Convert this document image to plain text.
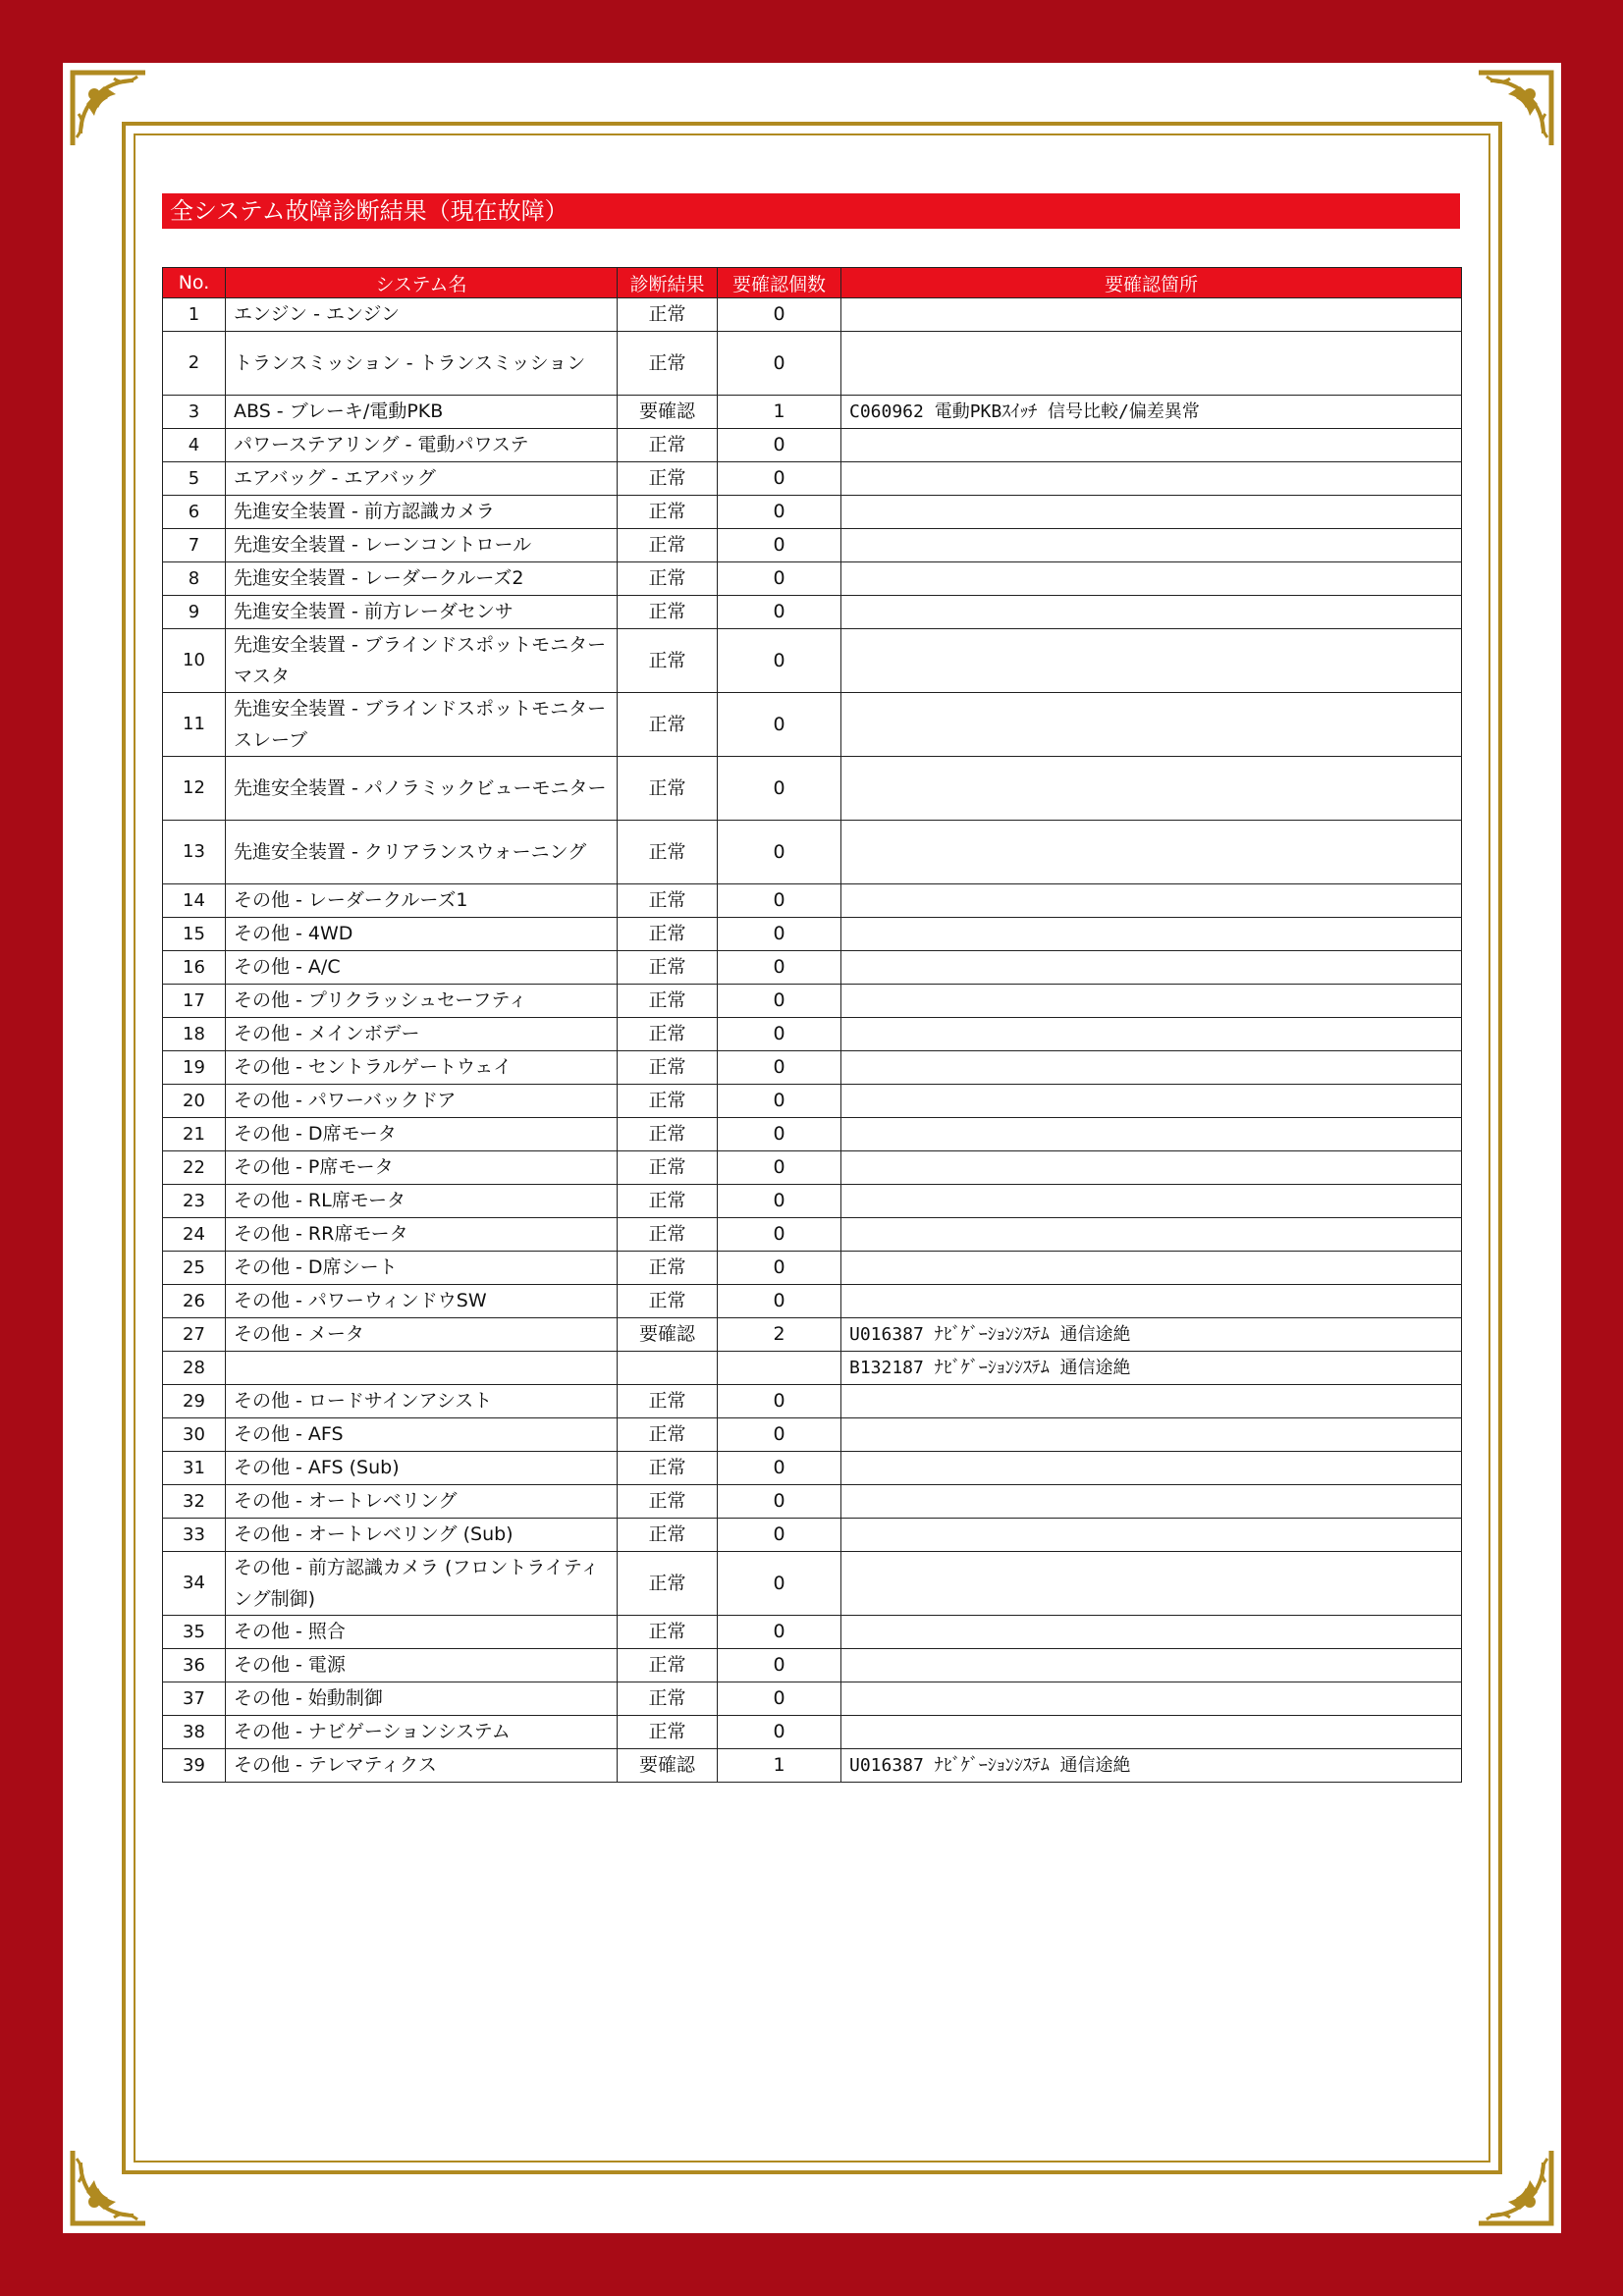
全システム故障診断結果（現在故障）
No.	システム名	診断結果	要確認個数	要確認箇所
1	エンジン - エンジン	正常	0	
2	トランスミッション - トランスミッション	正常	0	
3	ABS - ブレーキ/電動PKB	要確認	1	C060962 電動PKBｽｲｯﾁ 信号比較/偏差異常
4	パワーステアリング - 電動パワステ	正常	0	
5	エアバッグ - エアバッグ	正常	0	
6	先進安全装置 - 前方認識カメラ	正常	0	
7	先進安全装置 - レーンコントロール	正常	0	
8	先進安全装置 - レーダークルーズ2	正常	0	
9	先進安全装置 - 前方レーダセンサ	正常	0	
10	先進安全装置 - ブラインドスポットモニター マスタ	正常	0	
11	先進安全装置 - ブラインドスポットモニター スレーブ	正常	0	
12	先進安全装置 - パノラミックビューモニター	正常	0	
13	先進安全装置 - クリアランスウォーニング	正常	0	
14	その他 - レーダークルーズ1	正常	0	
15	その他 - 4WD	正常	0	
16	その他 - A/C	正常	0	
17	その他 - プリクラッシュセーフティ	正常	0	
18	その他 - メインボデー	正常	0	
19	その他 - セントラルゲートウェイ	正常	0	
20	その他 - パワーバックドア	正常	0	
21	その他 - D席モータ	正常	0	
22	その他 - P席モータ	正常	0	
23	その他 - RL席モータ	正常	0	
24	その他 - RR席モータ	正常	0	
25	その他 - D席シート	正常	0	
26	その他 - パワーウィンドウSW	正常	0	
27	その他 - メータ	要確認	2	U016387 ﾅﾋﾞｹﾞｰｼｮﾝｼｽﾃﾑ 通信途絶
28				B132187 ﾅﾋﾞｹﾞｰｼｮﾝｼｽﾃﾑ 通信途絶
29	その他 - ロードサインアシスト	正常	0	
30	その他 - AFS	正常	0	
31	その他 - AFS (Sub)	正常	0	
32	その他 - オートレベリング	正常	0	
33	その他 - オートレベリング (Sub)	正常	0	
34	その他 - 前方認識カメラ (フロントライティング制御)	正常	0	
35	その他 - 照合	正常	0	
36	その他 - 電源	正常	0	
37	その他 - 始動制御	正常	0	
38	その他 - ナビゲーションシステム	正常	0	
39	その他 - テレマティクス	要確認	1	U016387 ﾅﾋﾞｹﾞｰｼｮﾝｼｽﾃﾑ 通信途絶
